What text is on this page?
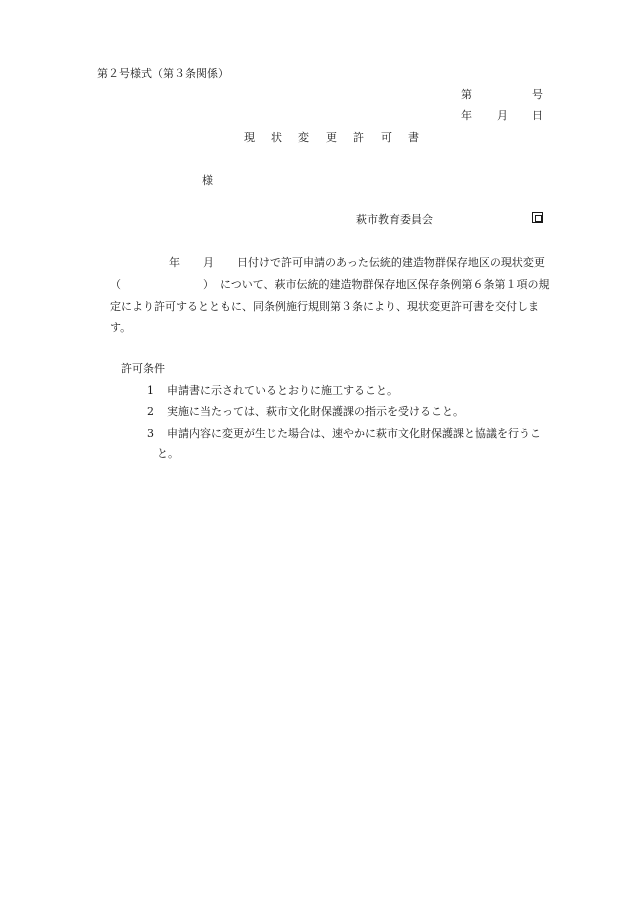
第２号様式（第３条関係）
第	号
年 月 日
現 状 変 更 許 可 書
様
萩市教育委員会
年 月 日付けで許可申請のあった伝統的建造物群保存地区の現状変更
（	） について、萩市伝統的建造物群保存地区保存条例第６条第１項の規
定により許可するとともに、同条例施行規則第３条により、現状変更許可書を交付しま
す。
許可条件
1 申請書に示されているとおりに施工すること。
2 実施に当たっては、萩市文化財保護課の指示を受けること。
3 申請内容に変更が生じた場合は、速やかに萩市文化財保護課と協議を行うこ
と。
